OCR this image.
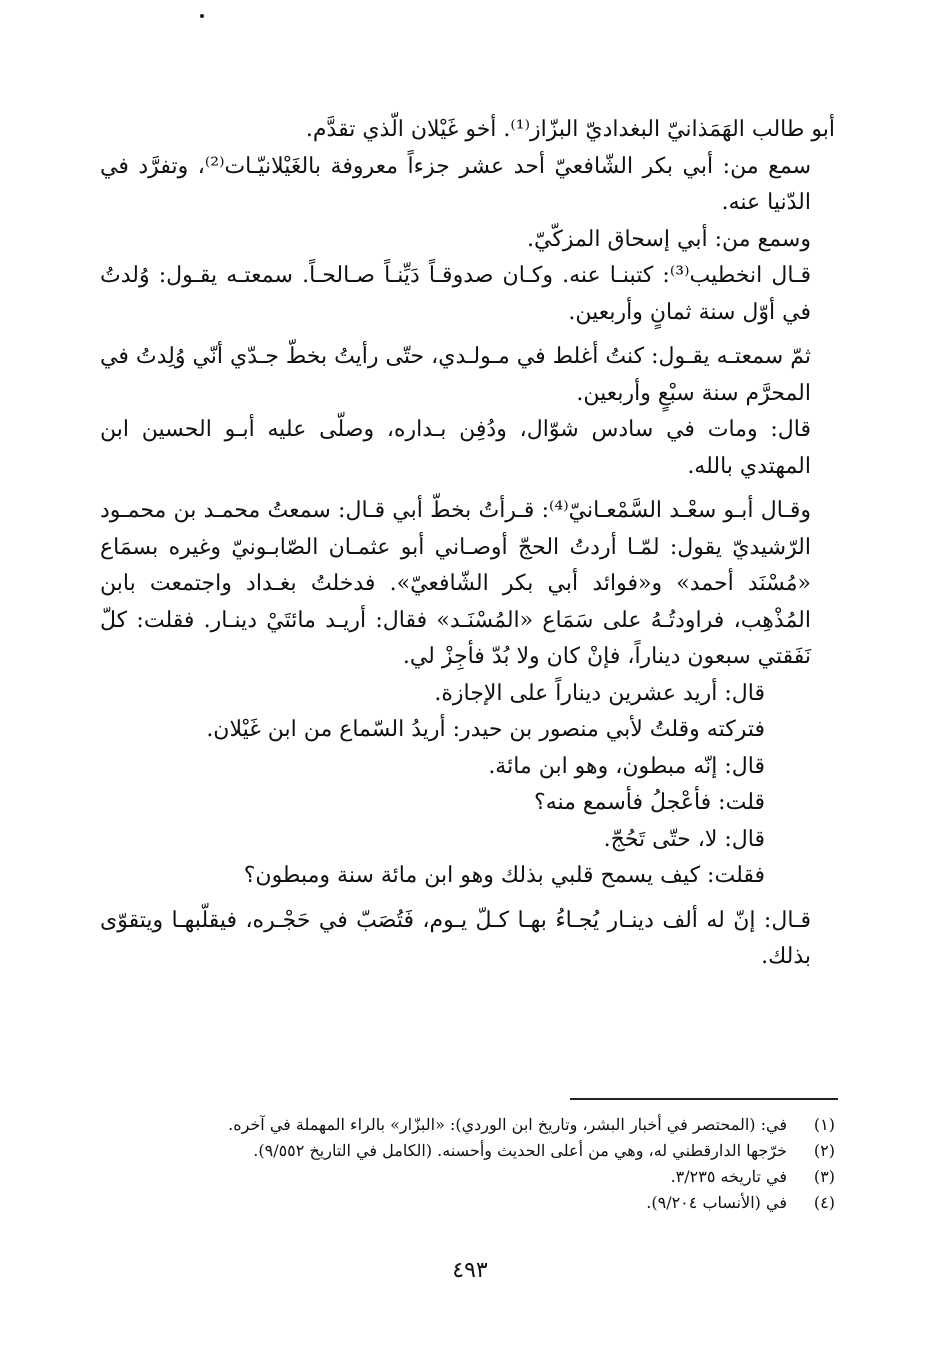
أبو طالب الهَمَذانيّ البغداديّ البزّاز⁽¹⁾. أخو غَيْلان الّذي تقدَّم.

سمع من: أبي بكر الشّافعيّ أحد عشر جزءاً معروفة بالغَيْلانيّـات⁽²⁾، وتفرَّد في الدّنيا عنه.

وسمع من: أبي إسحاق المزكّيّ.

قـال انخطيب⁽³⁾: كتبنـا عنه. وكـان صدوقـاً دَيِّنـاً صـالحـاً. سمعتـه يقـول: وُلدتُ في أوّل سنة ثمانٍ وأربعين.

ثمّ سمعتـه يقـول: كنتُ أغلط في مـولـدي، حتّى رأيتُ بخطّ جـدّي أنّي وُلِدتُ في المحرَّم سنة سبْعٍ وأربعين.

قال: ومات في سادس شوّال، ودُفِن بـداره، وصلّى عليه أبـو الحسين ابن المهتدي بالله.

وقـال أبـو سعْـد السَّمْعـانيّ⁽⁴⁾: قـرأتُ بخطّ أبي قـال: سمعتُ محمـد بن محمـود الرّشيديّ يقول: لمّـا أردتُ الحجّ أوصـاني أبو عثمـان الصّابـونيّ وغيره بسمَاع «مُسْنَد أحمد» و«فوائد أبي بكر الشّافعيّ». فدخلتُ بغـداد واجتمعت بابن المُذْهِب، فراودتُـهُ على سَمَاع «المُسْنَـد» فقال: أريـد مائتَيْ دينـار. فقلت: كلّ نَفَقتي سبعون ديناراً، فإنْ كان ولا بُدّ فأجِزْ لي.

قال: أريد عشرين ديناراً على الإجازة.

فتركته وقلتُ لأبي منصور بن حيدر: أريدُ السّماع من ابن غَيْلان.

قال: إنّه مبطون، وهو ابن مائة.

قلت: فأعْجلُ فأسمع منه؟

قال: لا، حتّى تَحُجّ.

فقلت: كيف يسمح قلبي بذلك وهو ابن مائة سنة ومبطون؟

قـال: إنّ له ألف دينـار يُجـاءُ بهـا كـلّ يـوم، فَتُصَبّ في حَجْـره، فيقلّبهـا ويتقوّى بذلك.

(١)
في: (المحتصر في أخبار البشر، وتاريخ ابن الوردي): «البزّار» بالراء المهملة في آخره.
(٢)
خرّجها الدارقطني له، وهي من أعلى الحديث وأحسنه. (الكامل في التاريخ ٩/٥٥٢).
(٣)
في تاريخه ٣/٢٣٥.
(٤)
في (الأنساب ٩/٢٠٤).
٤٩٣
